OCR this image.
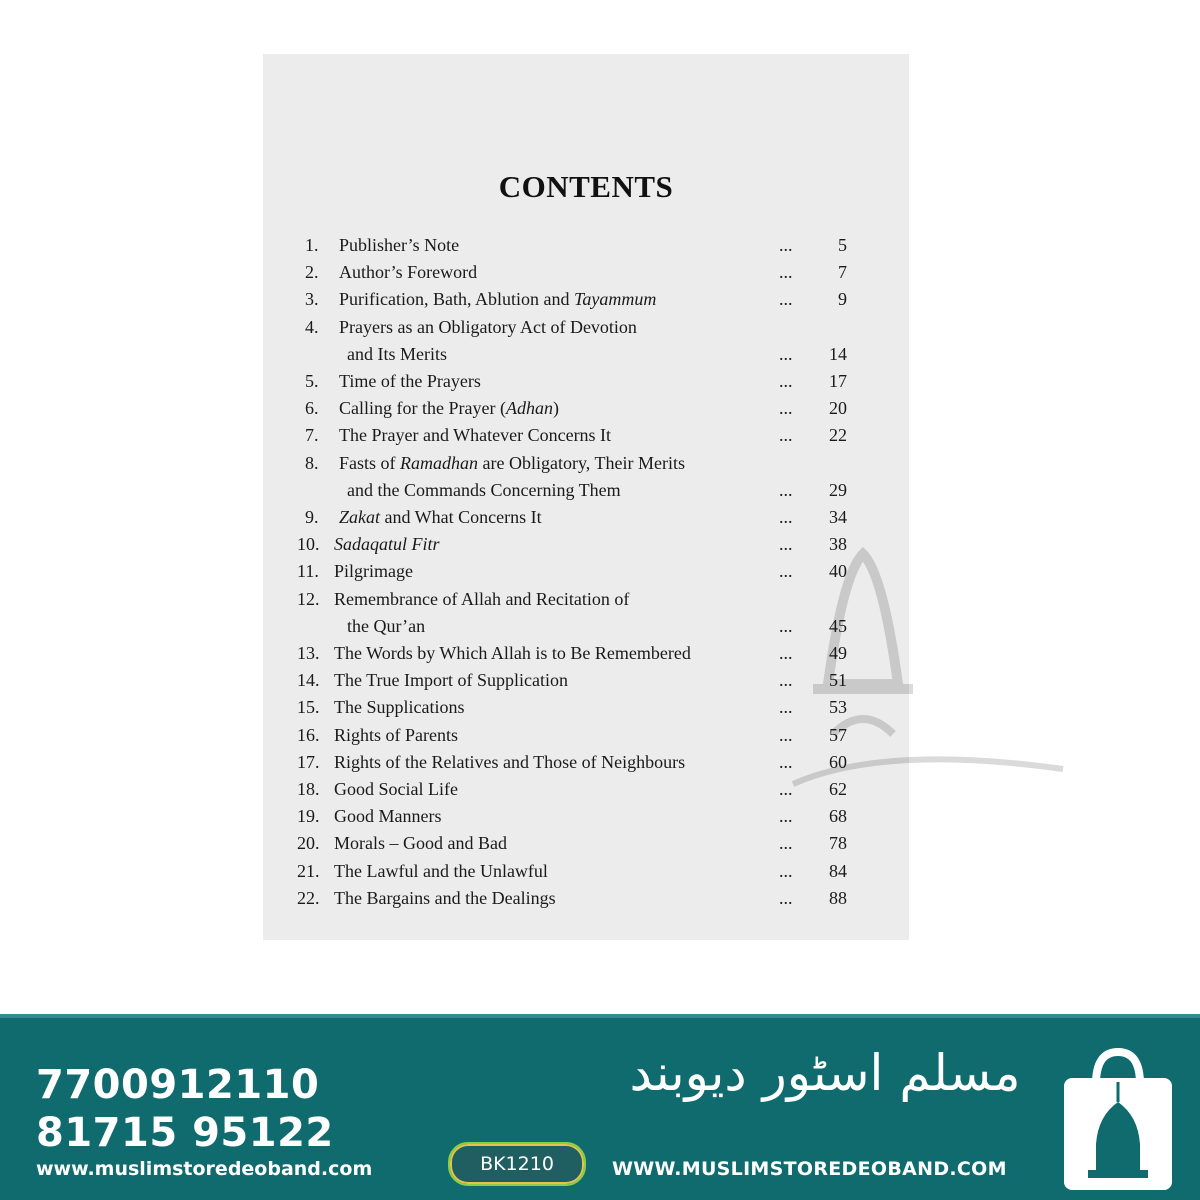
CONTENTS
1. Publisher’s Note	...	5
2. Author’s Foreword	...	7
3. Purification, Bath, Ablution and Tayammum	...	9
4. Prayers as an Obligatory Act of Devotion
and Its Merits	... 14
5. Time of the Prayers	... 17
6. Calling for the Prayer (Adhan)	... 20
7. The Prayer and Whatever Concerns It	... 22
8. Fasts of Ramadhan are Obligatory, Their Merits
and the Commands Concerning Them	... 29
9. Zakat and What Concerns It	... 34
10. Sadaqatul Fitr	... 38
11. Pilgrimage	... 40
12. Remembrance of Allah and Recitation of
the Qur’an	... 45
13. The Words by Which Allah is to Be Remembered	... 49
14. The True Import of Supplication	... 51
15. The Supplications	... 53
16. Rights of Parents	... 57
17. Rights of the Relatives and Those of Neighbours	... 60
18. Good Social Life	... 62
19. Good Manners	... 68
20. Morals – Good and Bad	... 78
21. The Lawful and the Unlawful	... 84
22. The Bargains and the Dealings	... 88
7700912110
81715 95122
www.muslimstoredeoband.com	BK1210
مسلم اسٹور دیوبند
WWW.MUSLIMSTOREDEOBAND.COM
